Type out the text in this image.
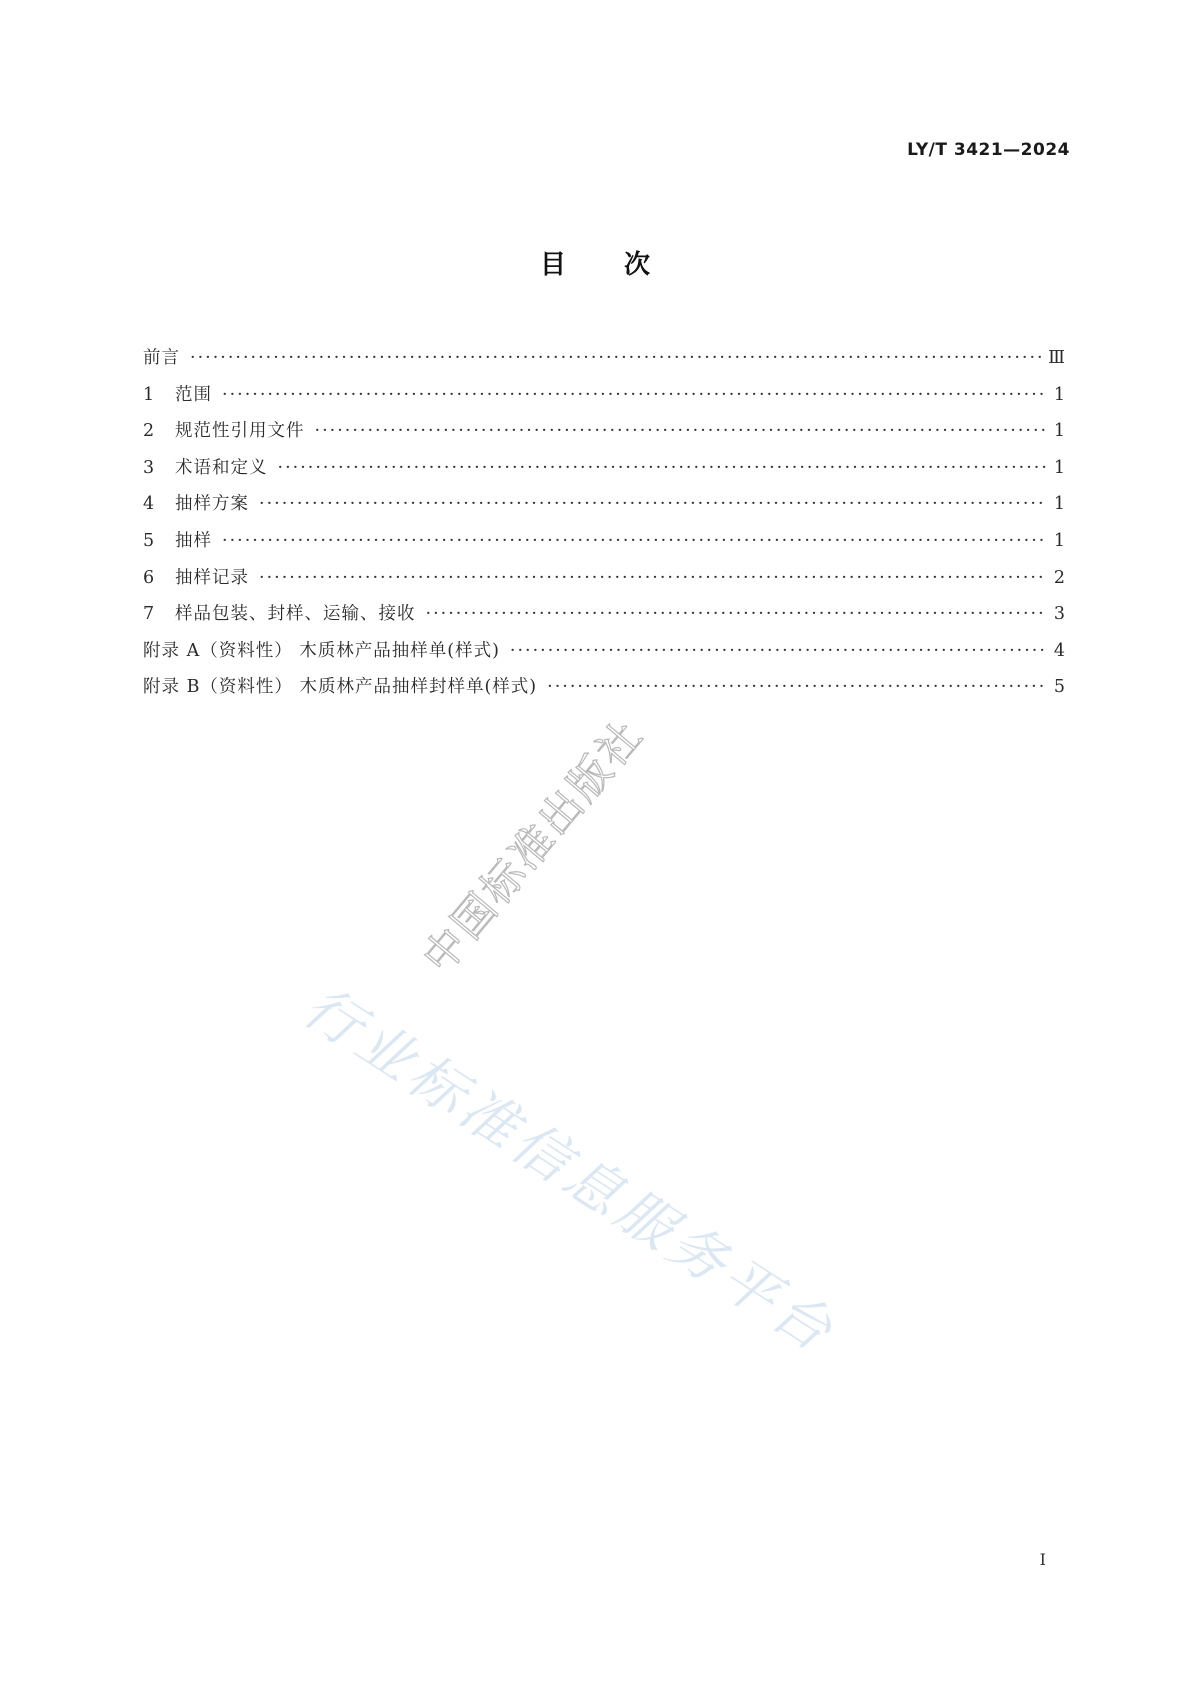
LY/T 3421—2024
目次
前言 ·····	Ⅲ
1	范围 ·····	1
2	规范性引用文件 ·····	1
3	术语和定义 ·····	1
4	抽样方案 ·····	1
5	抽样 ·····	1
6	抽样记录 ·····	2
7	样品包装、封样、运输、接收 ·····	3
附录 A（资料性） 木质林产品抽样单(样式) ·····	4
附录 B（资料性） 木质林产品抽样封样单(样式) ·····	5
中国标准出版社
行业标准信息服务平台
I
